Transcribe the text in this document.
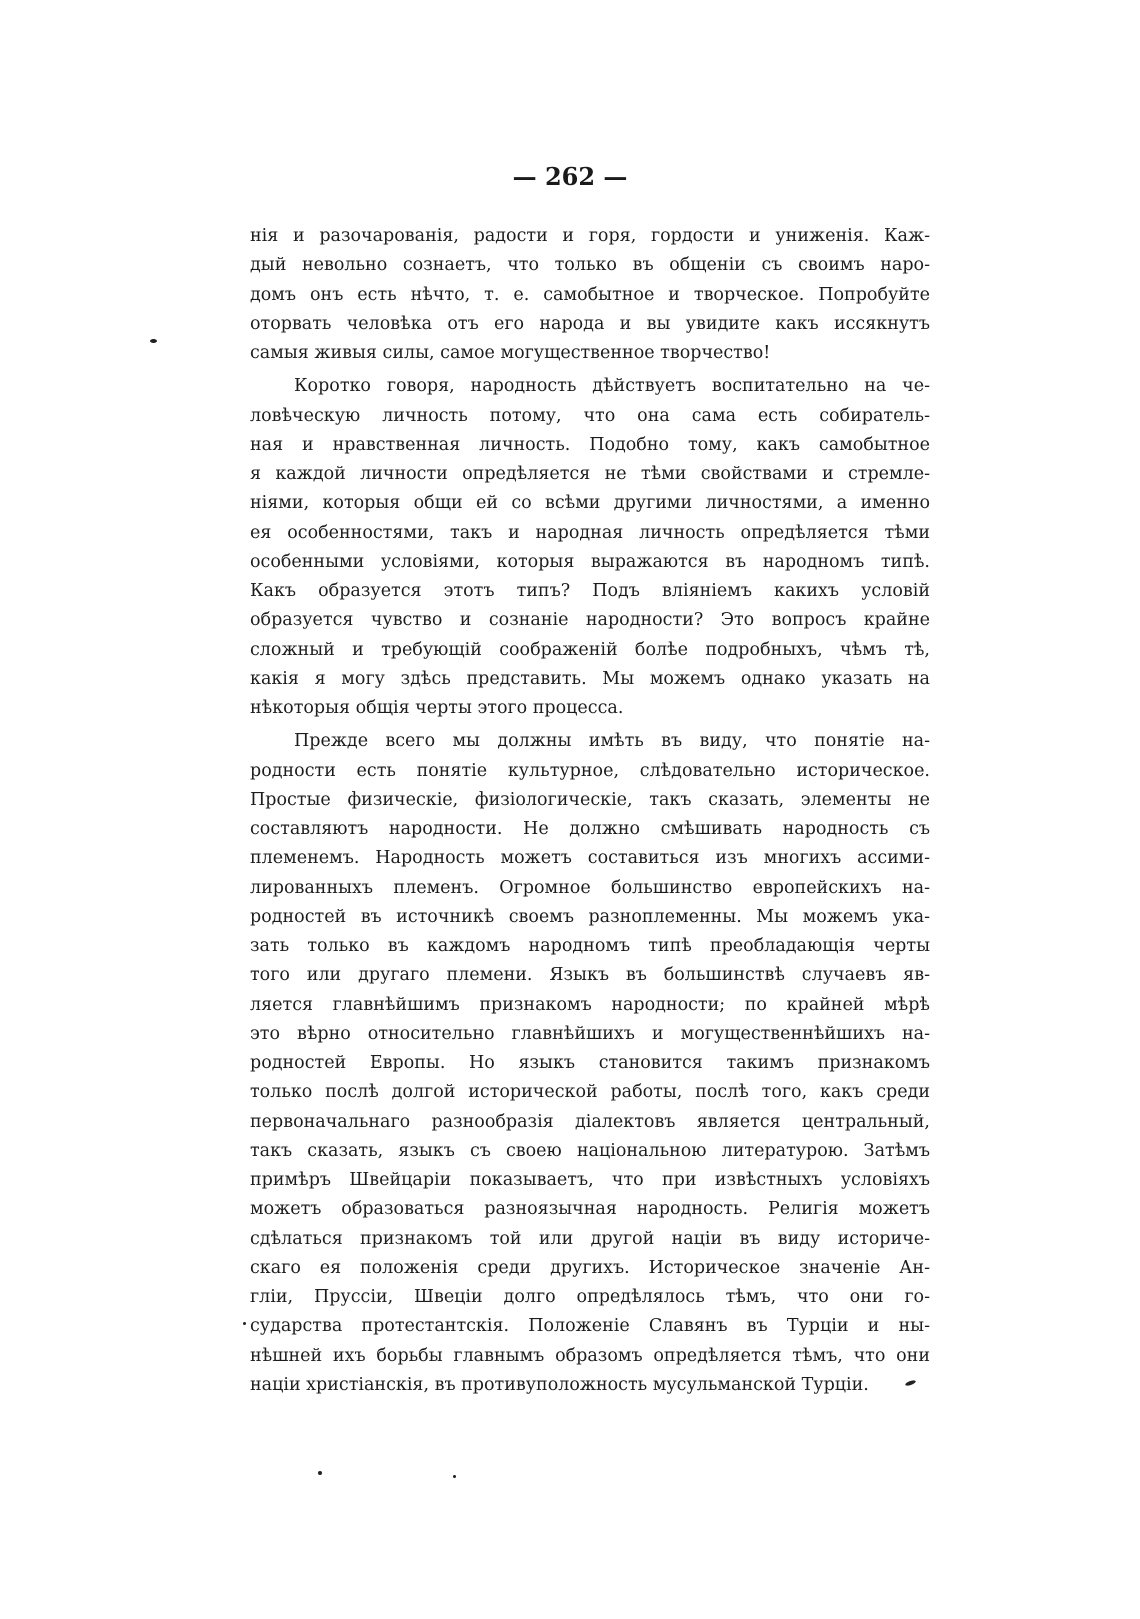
— 262 —
нія и разочарованія, радости и горя, гордости и униженія. Каж-
дый невольно сознаетъ, что только въ общеніи съ своимъ наро-
домъ онъ есть нѣчто, т. е. самобытное и творческое. Попробуйте
оторвать человѣка отъ его народа и вы увидите какъ иссякнутъ
самыя живыя силы, самое могущественное творчество!
Коротко говоря, народность дѣйствуетъ воспитательно на че-
ловѣческую личность потому, что она сама есть собиратель-
ная и нравственная личность. Подобно тому, какъ самобытное
я каждой личности опредѣляется не тѣми свойствами и стремле-
ніями, которыя общи ей со всѣми другими личностями, а именно
ея особенностями, такъ и народная личность опредѣляется тѣми
особенными условіями, которыя выражаются въ народномъ типѣ.
Какъ образуется этотъ типъ? Подъ вліяніемъ какихъ условій
образуется чувство и сознаніе народности? Это вопросъ крайне
сложный и требующій соображеній болѣе подробныхъ, чѣмъ тѣ,
какія я могу здѣсь представить. Мы можемъ однако указать на
нѣкоторыя общія черты этого процесса.
Прежде всего мы должны имѣть въ виду, что понятіе на-
родности есть понятіе культурное, слѣдовательно историческое.
Простые физическіе, физіологическіе, такъ сказать, элементы не
составляютъ народности. Не должно смѣшивать народность съ
племенемъ. Народность можетъ составиться изъ многихъ ассими-
лированныхъ племенъ. Огромное большинство европейскихъ на-
родностей въ источникѣ своемъ разноплеменны. Мы можемъ ука-
зать только въ каждомъ народномъ типѣ преобладающія черты
того или другаго племени. Языкъ въ большинствѣ случаевъ яв-
ляется главнѣйшимъ признакомъ народности; по крайней мѣрѣ
это вѣрно относительно главнѣйшихъ и могущественнѣйшихъ на-
родностей Европы. Но языкъ становится такимъ признакомъ
только послѣ долгой исторической работы, послѣ того, какъ среди
первоначальнаго разнообразія діалектовъ является центральный,
такъ сказать, языкъ съ своею національною литературою. Затѣмъ
примѣръ Швейцаріи показываетъ, что при извѣстныхъ условіяхъ
можетъ образоваться разноязычная народность. Религія можетъ
сдѣлаться признакомъ той или другой націи въ виду историче-
скаго ея положенія среди другихъ. Историческое значеніе Ан-
гліи, Пруссіи, Швеціи долго опредѣлялось тѣмъ, что они го-
сударства протестантскія. Положеніе Славянъ въ Турціи и ны-
нѣшней ихъ борьбы главнымъ образомъ опредѣляется тѣмъ, что они
націи христіанскія, въ противуположность мусульманской Турціи.
